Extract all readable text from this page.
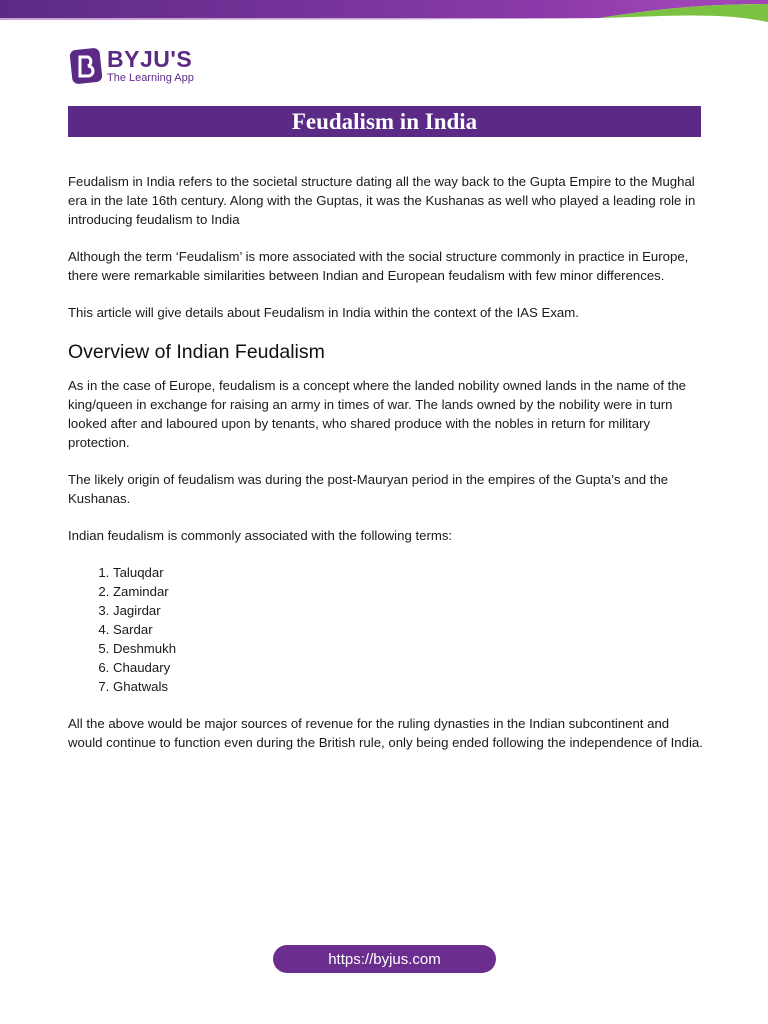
BYJU'S
The Learning App
Feudalism in India

Feudalism in India refers to the societal structure dating all the way back to the Gupta Empire to the Mughal era in the late 16th century. Along with the Guptas, it was the Kushanas as well who played a leading role in introducing feudalism to India

Although the term ‘Feudalism’ is more associated with the social structure commonly in practice in Europe, there were remarkable similarities between Indian and European feudalism with few minor differences.

This article will give details about Feudalism in India within the context of the IAS Exam.

Overview of Indian Feudalism

As in the case of Europe, feudalism is a concept where the landed nobility owned lands in the name of the king/queen in exchange for raising an army in times of war. The lands owned by the nobility were in turn looked after and laboured upon by tenants, who shared produce with the nobles in return for military protection.

The likely origin of feudalism was during the post-Mauryan period in the empires of the Gupta’s and the Kushanas.

Indian feudalism is commonly associated with the following terms:

1. Taluqdar
2. Zamindar
3. Jagirdar
4. Sardar
5. Deshmukh
6. Chaudary
7. Ghatwals

All the above would be major sources of revenue for the ruling dynasties in the Indian subcontinent and would continue to function even during the British rule, only being ended following the independence of India.

https://byjus.com
